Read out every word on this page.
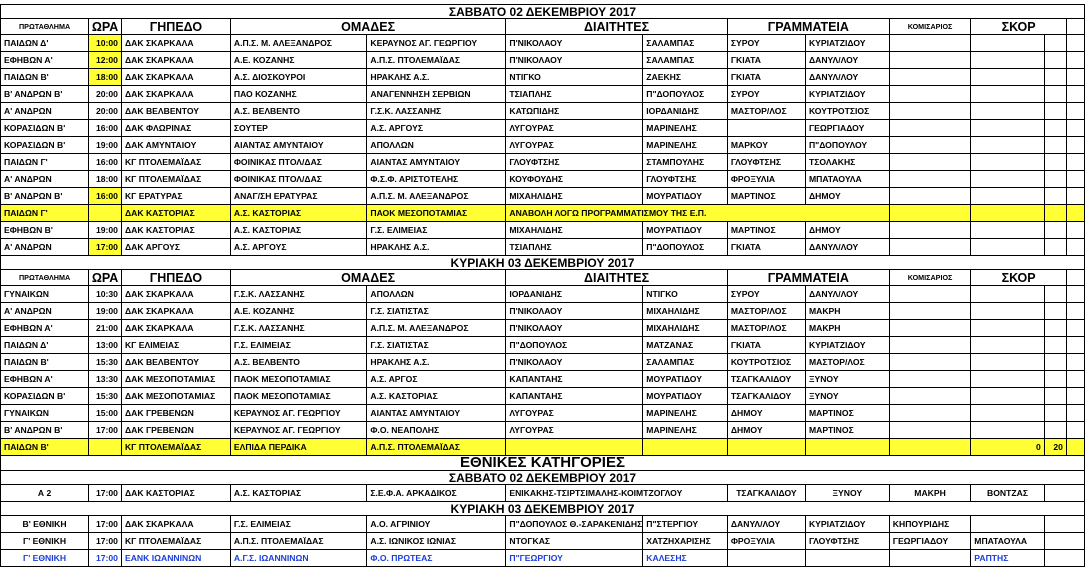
ΣΑΒΒΑΤΟ 02 ΔΕΚΕΜΒΡΙΟΥ 2017												
ΠΡΩΤΑΘΛΗΜΑ	ΩΡΑ	ΓΗΠΕΔΟ	ΟΜΑΔΕΣ		ΔΙΑΙΤΗΤΕΣ		ΓΡΑΜΜΑΤΕΙΑ		ΚΟΜΙΣΑΡΙΟΣ	ΣΚΟΡ		
ΠΑΙΔΩΝ Δ'	10:00	ΔΑΚ ΣΚΑΡΚΑΛΑ	Α.Π.Σ. Μ. ΑΛΕΞΑΝΔΡΟΣ	ΚΕΡΑΥΝΟΣ ΑΓ. ΓΕΩΡΓΙΟΥ	Π'ΝΙΚΟΛΑΟΥ	ΣΑΛΑΜΠΑΣ	ΣΥΡΟΥ	ΚΥΡΙΑΤΖΙΔΟΥ				
ΕΦΗΒΩΝ Α'	12:00	ΔΑΚ ΣΚΑΡΚΑΛΑ	Α.Ε. ΚΟΖΑΝΗΣ	Α.Π.Σ. ΠΤΟΛΕΜΑΪΔΑΣ	Π'ΝΙΚΟΛΑΟΥ	ΣΑΛΑΜΠΑΣ	ΓΚΙΑΤΑ	ΔΑΝΥΛ/ΛΟΥ				
ΠΑΙΔΩΝ Β'	18:00	ΔΑΚ ΣΚΑΡΚΑΛΑ	Α.Σ. ΔΙΟΣΚΟΥΡΟΙ	ΗΡΑΚΛΗΣ Α.Σ.	ΝΤΙΓΚΟ	ΖΑΕΚΗΣ	ΓΚΙΑΤΑ	ΔΑΝΥΛ/ΛΟΥ				
Β' ΑΝΔΡΩΝ Β'	20:00	ΔΑΚ ΣΚΑΡΚΑΛΑ	ΠΑΟ ΚΟΖΑΝΗΣ	ΑΝΑΓΕΝΝΗΣΗ ΣΕΡΒΙΩΝ	ΤΣΙΑΠΛΗΣ	Π"ΔΟΠΟΥΛΟΣ	ΣΥΡΟΥ	ΚΥΡΙΑΤΖΙΔΟΥ				
Α' ΑΝΔΡΩΝ	20:00	ΔΑΚ ΒΕΛΒΕΝΤΟΥ	Α.Σ. ΒΕΛΒΕΝΤΟ	Γ.Σ.Κ. ΛΑΣΣΑΝΗΣ	ΚΑΤΩΠΙΔΗΣ	ΙΟΡΔΑΝΙΔΗΣ	ΜΑΣΤΟΡ/ΛΟΣ	ΚΟΥΤΡΟΤΣΙΟΣ				
ΚΟΡΑΣΙΔΩΝ Β'	16:00	ΔΑΚ ΦΛΩΡΙΝΑΣ	ΣΟΥΤΕΡ	Α.Σ. ΑΡΓΟΥΣ	ΛΥΓΟΥΡΑΣ	ΜΑΡΙΝΕΛΗΣ		ΓΕΩΡΓΙΑΔΟΥ				
ΚΟΡΑΣΙΔΩΝ Β'	19:00	ΔΑΚ ΑΜΥΝΤΑΙΟΥ	ΑΙΑΝΤΑΣ ΑΜΥΝΤΑΙΟΥ	ΑΠΟΛΛΩΝ	ΛΥΓΟΥΡΑΣ	ΜΑΡΙΝΕΛΗΣ	ΜΑΡΚΟΥ	Π"ΔΟΠΟΥΛΟΥ				
ΠΑΙΔΩΝ Γ'	16:00	ΚΓ ΠΤΟΛΕΜΑΪΔΑΣ	ΦΟΙΝΙΚΑΣ ΠΤΟΛ/ΔΑΣ	ΑΙΑΝΤΑΣ ΑΜΥΝΤΑΙΟΥ	ΓΛΟΥΦΤΣΗΣ	ΣΤΑΜΠΟΥΛΗΣ	ΓΛΟΥΦΤΣΗΣ	ΤΣΟΛΑΚΗΣ				
Α' ΑΝΔΡΩΝ	18:00	ΚΓ ΠΤΟΛΕΜΑΪΔΑΣ	ΦΟΙΝΙΚΑΣ ΠΤΟΛ/ΔΑΣ	Φ.Σ.Φ. ΑΡΙΣΤΟΤΕΛΗΣ	ΚΟΥΦΟΥΔΗΣ	ΓΛΟΥΦΤΣΗΣ	ΦΡΟΞΥΛΙΑ	ΜΠΑΤΑΟΥΛΑ				
Β' ΑΝΔΡΩΝ Β'	16:00	ΚΓ ΕΡΑΤΥΡΑΣ	ΑΝΑΓ/ΣΗ ΕΡΑΤΥΡΑΣ	Α.Π.Σ. Μ. ΑΛΕΞΑΝΔΡΟΣ	ΜΙΧΑΗΛΙΔΗΣ	ΜΟΥΡΑΤΙΔΟΥ	ΜΑΡΤΙΝΟΣ	ΔΗΜΟΥ				
ΠΑΙΔΩΝ Γ'		ΔΑΚ ΚΑΣΤΟΡΙΑΣ	Α.Σ. ΚΑΣΤΟΡΙΑΣ	ΠΑΟΚ ΜΕΣΟΠΟΤΑΜΙΑΣ	ΑΝΑΒΟΛΗ ΛΟΓΩ ΠΡΟΓΡΑΜΜΑΤΙΣΜΟΥ ΤΗΣ Ε.Π.							
ΕΦΗΒΩΝ Β'	19:00	ΔΑΚ ΚΑΣΤΟΡΙΑΣ	Α.Σ. ΚΑΣΤΟΡΙΑΣ	Γ.Σ. ΕΛΙΜΕΙΑΣ	ΜΙΧΑΗΛΙΔΗΣ	ΜΟΥΡΑΤΙΔΟΥ	ΜΑΡΤΙΝΟΣ	ΔΗΜΟΥ				
Α' ΑΝΔΡΩΝ	17:00	ΔΑΚ ΑΡΓΟΥΣ	Α.Σ. ΑΡΓΟΥΣ	ΗΡΑΚΛΗΣ Α.Σ.	ΤΣΙΑΠΛΗΣ	Π"ΔΟΠΟΥΛΟΣ	ΓΚΙΑΤΑ	ΔΑΝΥΛ/ΛΟΥ				
ΚΥΡΙΑΚΗ 03 ΔΕΚΕΜΒΡΙΟΥ 2017												
ΠΡΩΤΑΘΛΗΜΑ	ΩΡΑ	ΓΗΠΕΔΟ	ΟΜΑΔΕΣ		ΔΙΑΙΤΗΤΕΣ		ΓΡΑΜΜΑΤΕΙΑ		ΚΟΜΙΣΑΡΙΟΣ	ΣΚΟΡ		
ΓΥΝΑΙΚΩΝ	10:30	ΔΑΚ ΣΚΑΡΚΑΛΑ	Γ.Σ.Κ. ΛΑΣΣΑΝΗΣ	ΑΠΟΛΛΩΝ	ΙΟΡΔΑΝΙΔΗΣ	ΝΤΙΓΚΟ	ΣΥΡΟΥ	ΔΑΝΥΛ/ΛΟΥ				
Α' ΑΝΔΡΩΝ	19:00	ΔΑΚ ΣΚΑΡΚΑΛΑ	Α.Ε. ΚΟΖΑΝΗΣ	Γ.Σ. ΣΙΑΤΙΣΤΑΣ	Π'ΝΙΚΟΛΑΟΥ	ΜΙΧΑΗΛΙΔΗΣ	ΜΑΣΤΟΡ/ΛΟΣ	ΜΑΚΡΗ				
ΕΦΗΒΩΝ Α'	21:00	ΔΑΚ ΣΚΑΡΚΑΛΑ	Γ.Σ.Κ. ΛΑΣΣΑΝΗΣ	Α.Π.Σ. Μ. ΑΛΕΞΑΝΔΡΟΣ	Π'ΝΙΚΟΛΑΟΥ	ΜΙΧΑΗΛΙΔΗΣ	ΜΑΣΤΟΡ/ΛΟΣ	ΜΑΚΡΗ				
ΠΑΙΔΩΝ Δ'	13:00	ΚΓ ΕΛΙΜΕΙΑΣ	Γ.Σ. ΕΛΙΜΕΙΑΣ	Γ.Σ. ΣΙΑΤΙΣΤΑΣ	Π"ΔΟΠΟΥΛΟΣ	ΜΑΤΖΑΝΑΣ	ΓΚΙΑΤΑ	ΚΥΡΙΑΤΖΙΔΟΥ				
ΠΑΙΔΩΝ Β'	15:30	ΔΑΚ ΒΕΛΒΕΝΤΟΥ	Α.Σ. ΒΕΛΒΕΝΤΟ	ΗΡΑΚΛΗΣ Α.Σ.	Π'ΝΙΚΟΛΑΟΥ	ΣΑΛΑΜΠΑΣ	ΚΟΥΤΡΟΤΣΙΟΣ	ΜΑΣΤΟΡ/ΛΟΣ				
ΕΦΗΒΩΝ Α'	13:30	ΔΑΚ ΜΕΣΟΠΟΤΑΜΙΑΣ	ΠΑΟΚ ΜΕΣΟΠΟΤΑΜΙΑΣ	Α.Σ. ΑΡΓΟΣ	ΚΑΠΑΝΤΑΗΣ	ΜΟΥΡΑΤΙΔΟΥ	ΤΣΑΓΚΑΛΙΔΟΥ	ΞΥΝΟΥ				
ΚΟΡΑΣΙΔΩΝ Β'	15:30	ΔΑΚ ΜΕΣΟΠΟΤΑΜΙΑΣ	ΠΑΟΚ ΜΕΣΟΠΟΤΑΜΙΑΣ	Α.Σ. ΚΑΣΤΟΡΙΑΣ	ΚΑΠΑΝΤΑΗΣ	ΜΟΥΡΑΤΙΔΟΥ	ΤΣΑΓΚΑΛΙΔΟΥ	ΞΥΝΟΥ				
ΓΥΝΑΙΚΩΝ	15:00	ΔΑΚ ΓΡΕΒΕΝΩΝ	ΚΕΡΑΥΝΟΣ ΑΓ. ΓΕΩΡΓΙΟΥ	ΑΙΑΝΤΑΣ ΑΜΥΝΤΑΙΟΥ	ΛΥΓΟΥΡΑΣ	ΜΑΡΙΝΕΛΗΣ	ΔΗΜΟΥ	ΜΑΡΤΙΝΟΣ				
Β' ΑΝΔΡΩΝ Β'	17:00	ΔΑΚ ΓΡΕΒΕΝΩΝ	ΚΕΡΑΥΝΟΣ ΑΓ. ΓΕΩΡΓΙΟΥ	Φ.Ο. ΝΕΑΠΟΛΗΣ	ΛΥΓΟΥΡΑΣ	ΜΑΡΙΝΕΛΗΣ	ΔΗΜΟΥ	ΜΑΡΤΙΝΟΣ				
ΠΑΙΔΩΝ Β'		ΚΓ ΠΤΟΛΕΜΑΪΔΑΣ	ΕΛΠΙΔΑ ΠΕΡΔΙΚΑ	Α.Π.Σ. ΠΤΟΛΕΜΑΪΔΑΣ						0	20	
ΕΘΝΙΚΕΣ ΚΑΤΗΓΟΡΙΕΣ												
ΣΑΒΒΑΤΟ 02 ΔΕΚΕΜΒΡΙΟΥ 2017												
Α 2	17:00	ΔΑΚ ΚΑΣΤΟΡΙΑΣ	Α.Σ. ΚΑΣΤΟΡΙΑΣ	Σ.Ε.Φ.Α. ΑΡΚΑΔΙΚΟΣ	ΕΝΙΚΑΚΗΣ-ΤΣΙΡΤΣΙΜΑΛΗΣ-ΚΟΙΜΤΖΟΓΛΟΥ		ΤΣΑΓΚΑΛΙΔΟΥ	ΞΥΝΟΥ	ΜΑΚΡΗ	ΒΟΝΤΖΑΣ		
ΚΥΡΙΑΚΗ 03 ΔΕΚΕΜΒΡΙΟΥ 2017												
Β' ΕΘΝΙΚΗ	17:00	ΔΑΚ ΣΚΑΡΚΑΛΑ	Γ.Σ. ΕΛΙΜΕΙΑΣ	Α.Ο. ΑΓΡΙΝΙΟΥ	Π"ΔΟΠΟΥΛΟΣ Θ.-ΣΑΡΑΚΕΝΙΔΗΣ	Π"ΣΤΕΡΓΙΟΥ	ΔΑΝΥΛ/ΛΟΥ	ΚΥΡΙΑΤΖΙΔΟΥ	ΚΗΠΟΥΡΙΔΗΣ			
Γ' ΕΘΝΙΚΗ	17:00	ΚΓ ΠΤΟΛΕΜΑΪΔΑΣ	Α.Π.Σ. ΠΤΟΛΕΜΑΪΔΑΣ	Α.Σ. ΙΩΝΙΚΟΣ ΙΩΝΙΑΣ	ΝΤΟΓΚΑΣ	ΧΑΤΖΗΧΑΡΙΣΗΣ	ΦΡΟΞΥΛΙΑ	ΓΛΟΥΦΤΣΗΣ	ΓΕΩΡΓΙΑΔΟΥ	ΜΠΑΤΑΟΥΛΑ		
Γ' ΕΘΝΙΚΗ	17:00	ΕΑΝΚ ΙΩΑΝΝΙΝΩΝ	Α.Γ.Σ. ΙΩΑΝΝΙΝΩΝ	Φ.Ο. ΠΡΩΤΕΑΣ	Π"ΓΕΩΡΓΙΟΥ	ΚΑΛΕΣΗΣ				ΡΑΠΤΗΣ		
